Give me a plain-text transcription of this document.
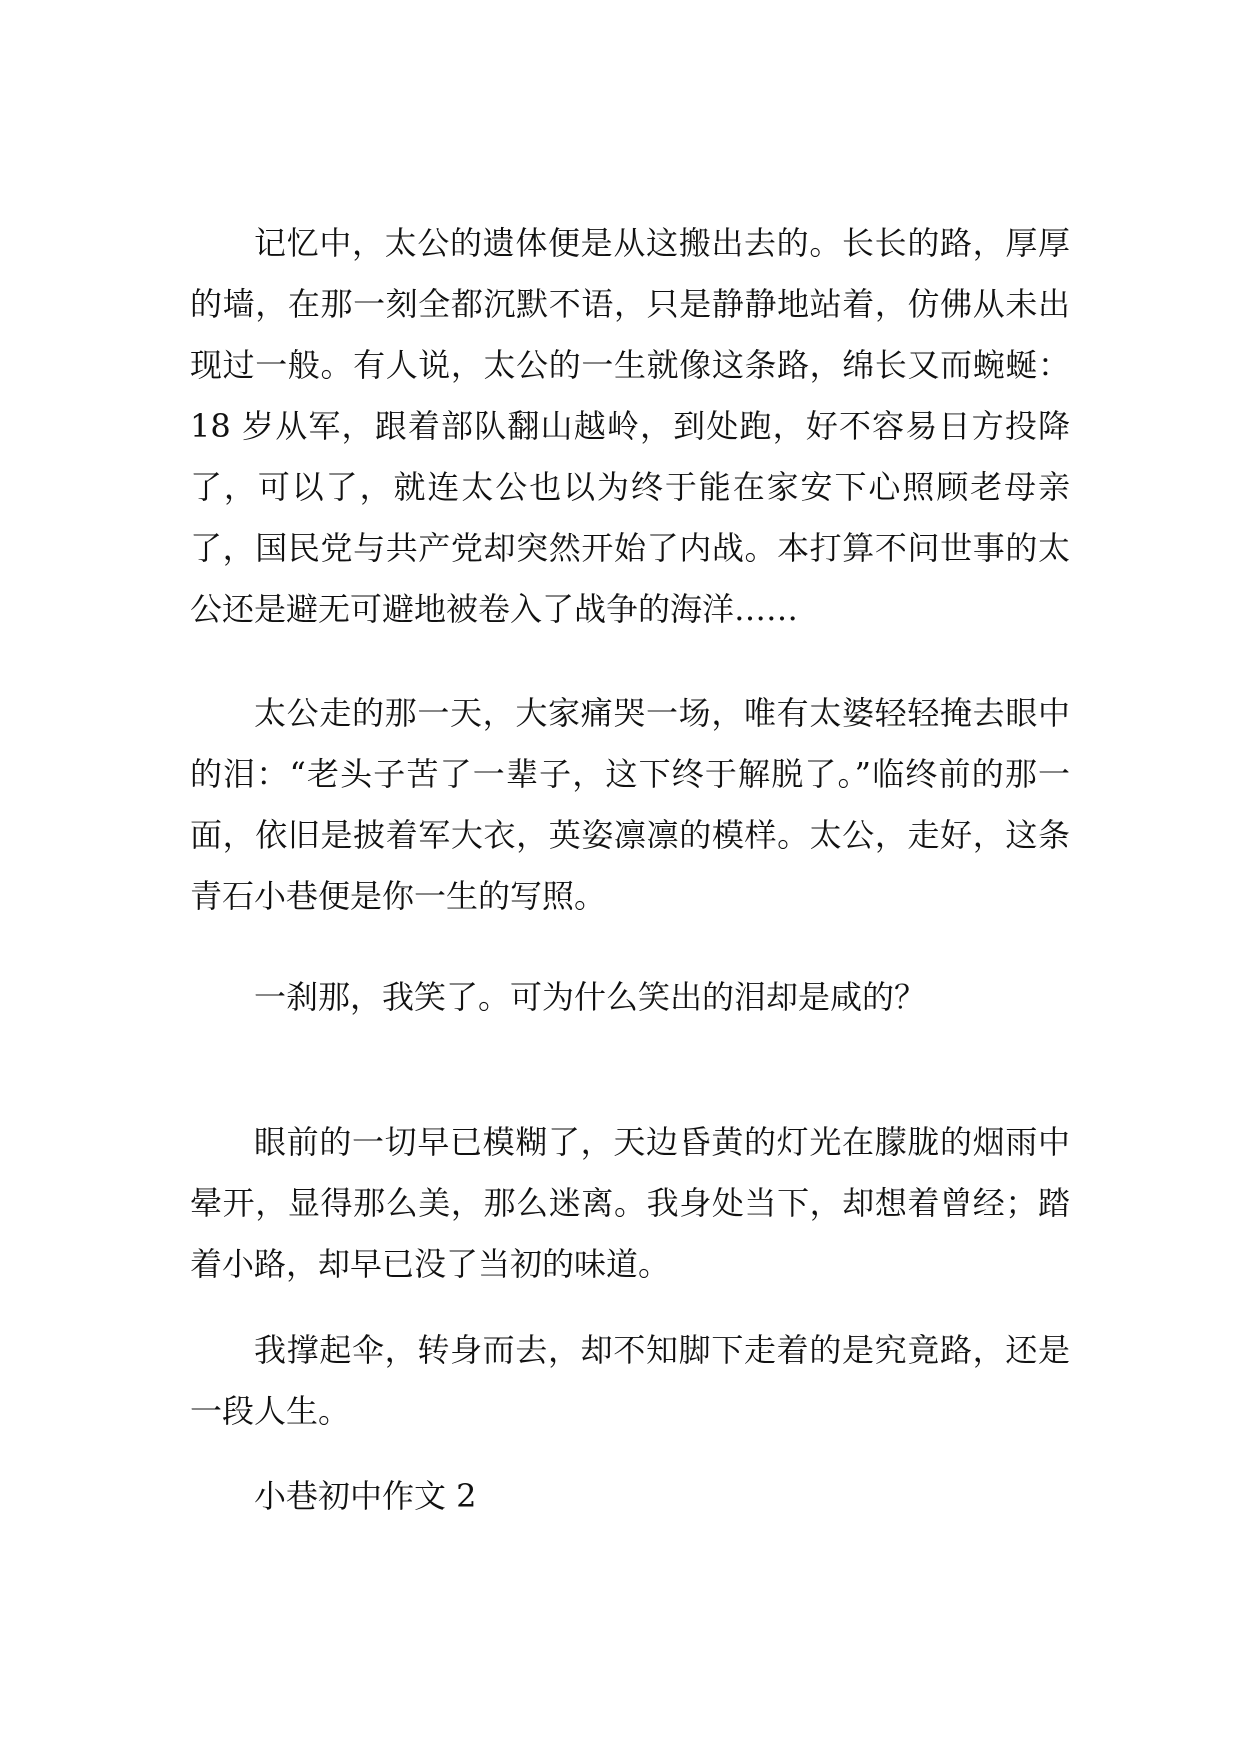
记忆中，太公的遗体便是从这搬出去的。长长的路，厚厚的墙，在那一刻全都沉默不语，只是静静地站着，仿佛从未出现过一般。有人说，太公的一生就像这条路，绵长又而蜿蜒：18 岁从军，跟着部队翻山越岭，到处跑，好不容易日方投降了，可以了，就连太公也以为终于能在家安下心照顾老母亲了，国民党与共产党却突然开始了内战。本打算不问世事的太公还是避无可避地被卷入了战争的海洋……

太公走的那一天，大家痛哭一场，唯有太婆轻轻掩去眼中的泪：“老头子苦了一辈子，这下终于解脱了。”临终前的那一面，依旧是披着军大衣，英姿凛凛的模样。太公，走好，这条青石小巷便是你一生的写照。

一刹那，我笑了。可为什么笑出的泪却是咸的？

眼前的一切早已模糊了，天边昏黄的灯光在朦胧的烟雨中晕开，显得那么美，那么迷离。我身处当下，却想着曾经；踏着小路，却早已没了当初的味道。

我撑起伞，转身而去，却不知脚下走着的是究竟路，还是一段人生。

小巷初中作文 2
